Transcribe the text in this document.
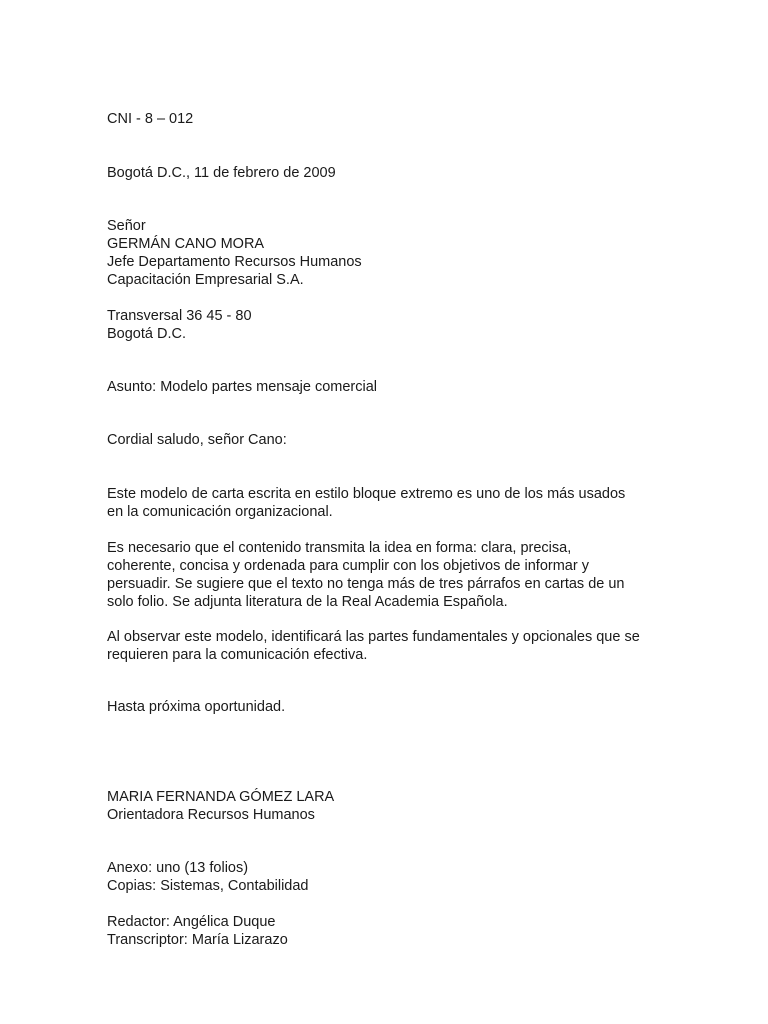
CNI - 8 – 012
Bogotá D.C., 11 de febrero de 2009
Señor
GERMÁN CANO MORA
Jefe Departamento Recursos Humanos
Capacitación Empresarial S.A.
Transversal 36 45 - 80
Bogotá D.C.
Asunto: Modelo partes mensaje comercial
Cordial saludo, señor Cano:
Este modelo de carta escrita en estilo bloque extremo es uno de los más usados
en la comunicación organizacional.
Es necesario que el contenido transmita la idea en forma: clara, precisa,
coherente, concisa y ordenada para cumplir con los objetivos de informar y
persuadir. Se sugiere que el texto no tenga más de tres párrafos en cartas de un
solo folio. Se adjunta literatura de la Real Academia Española.
Al observar este modelo, identificará las partes fundamentales y opcionales que se
requieren para la comunicación efectiva.
Hasta próxima oportunidad.
MARIA FERNANDA GÓMEZ LARA
Orientadora Recursos Humanos
Anexo: uno (13 folios)
Copias: Sistemas, Contabilidad
Redactor: Angélica Duque
Transcriptor: María Lizarazo
